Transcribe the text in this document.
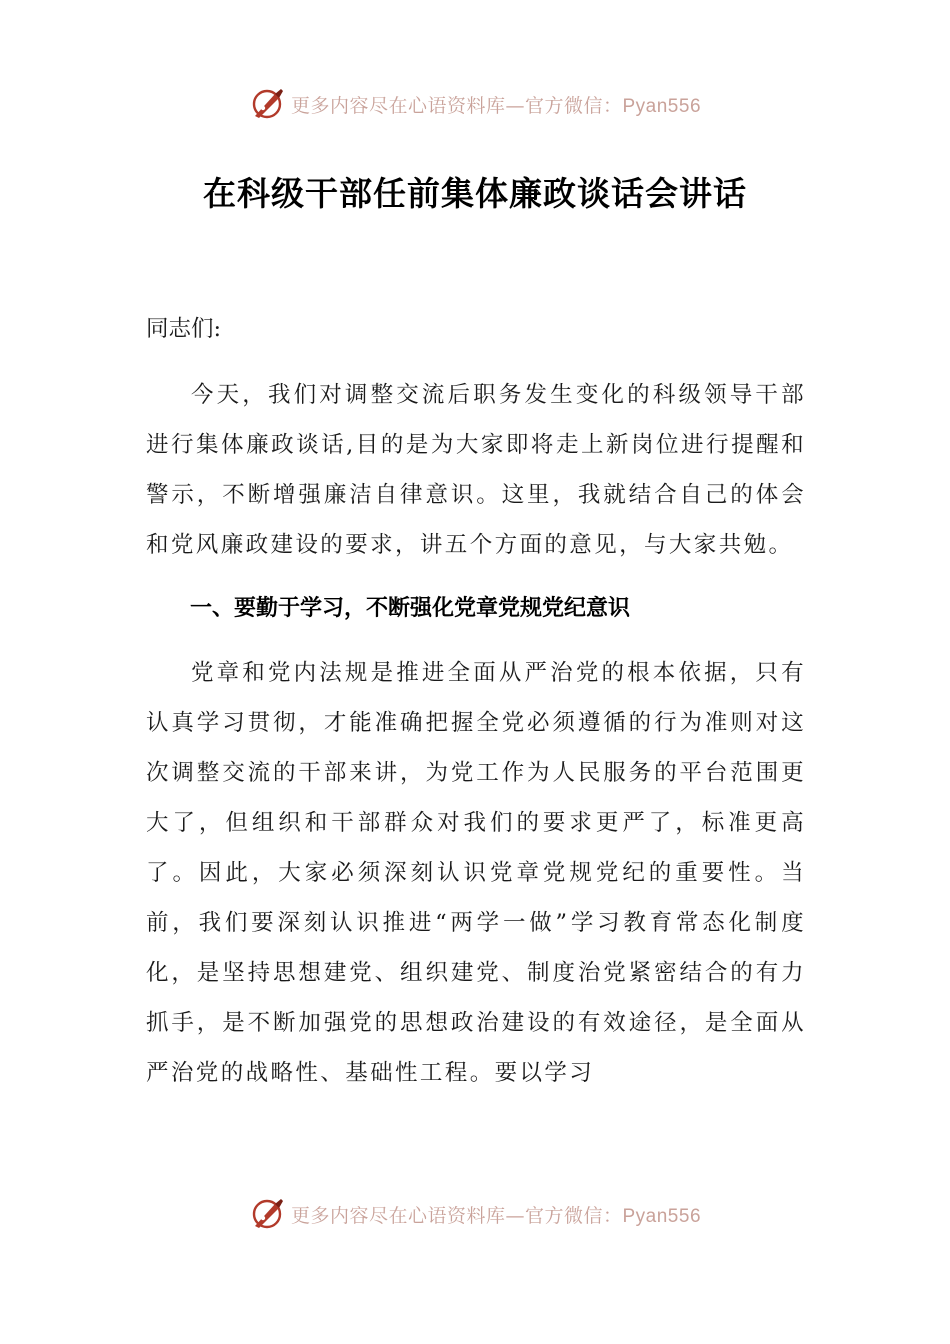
更多内容尽在心语资料库—官方微信：Pyan556
在科级干部任前集体廉政谈话会讲话

同志们:

今天，我们对调整交流后职务发生变化的科级领导干部进行集体廉政谈话,目的是为大家即将走上新岗位进行提醒和警示，不断增强廉洁自律意识。这里，我就结合自己的体会和党风廉政建设的要求，讲五个方面的意见，与大家共勉。

一、要勤于学习，不断强化党章党规党纪意识

党章和党内法规是推进全面从严治党的根本依据，只有认真学习贯彻，才能准确把握全党必须遵循的行为准则对这次调整交流的干部来讲，为党工作为人民服务的平台范围更大了，但组织和干部群众对我们的要求更严了，标准更高了。因此，大家必须深刻认识党章党规党纪的重要性。当前，我们要深刻认识推进“两学一做”学习教育常态化制度化，是坚持思想建党、组织建党、制度治党紧密结合的有力抓手，是不断加强党的思想政治建设的有效途径，是全面从严治党的战略性、基础性工程。要以学习

更多内容尽在心语资料库—官方微信：Pyan556
